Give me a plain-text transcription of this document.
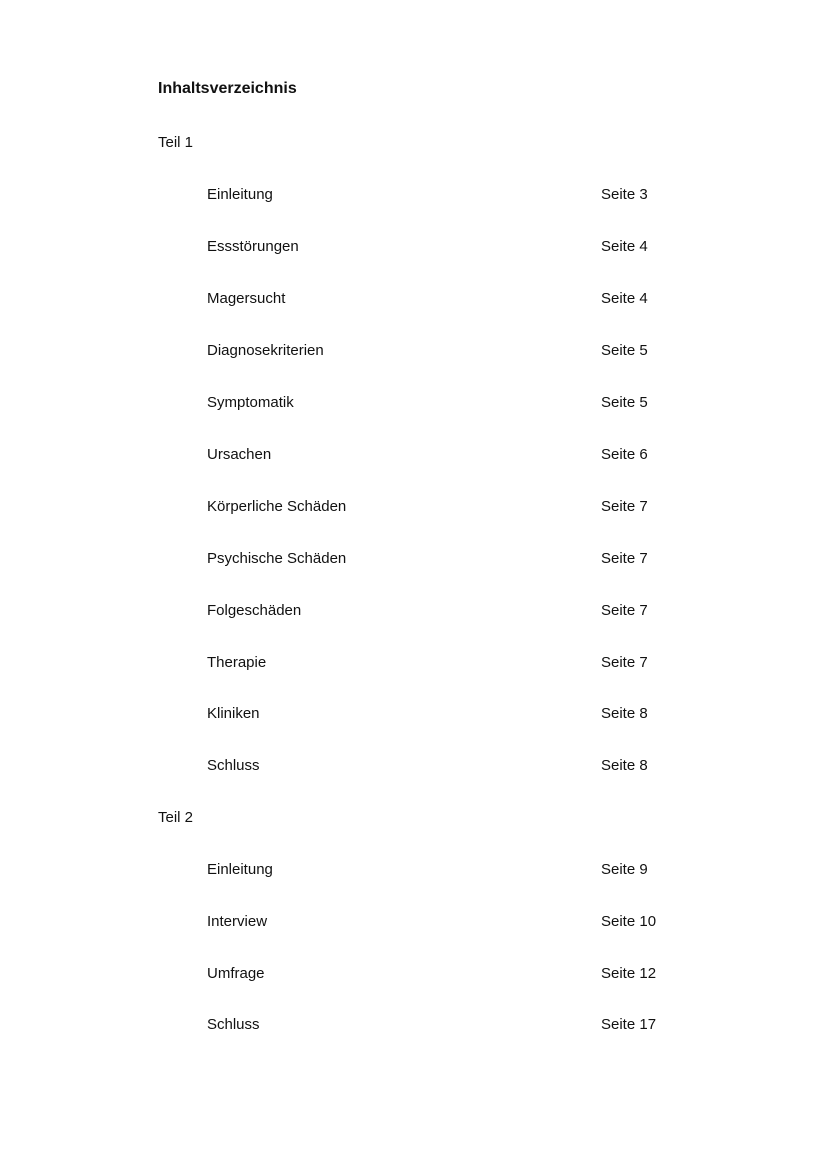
Inhaltsverzeichnis
Teil 1
Einleitung	Seite 3
Essstörungen	Seite 4
Magersucht	Seite 4
Diagnosekriterien	Seite 5
Symptomatik	Seite 5
Ursachen	Seite 6
Körperliche Schäden	Seite 7
Psychische Schäden	Seite 7
Folgeschäden	Seite 7
Therapie	Seite 7
Kliniken	Seite 8
Schluss	Seite 8
Teil 2
Einleitung	Seite 9
Interview	Seite 10
Umfrage	Seite 12
Schluss	Seite 17
